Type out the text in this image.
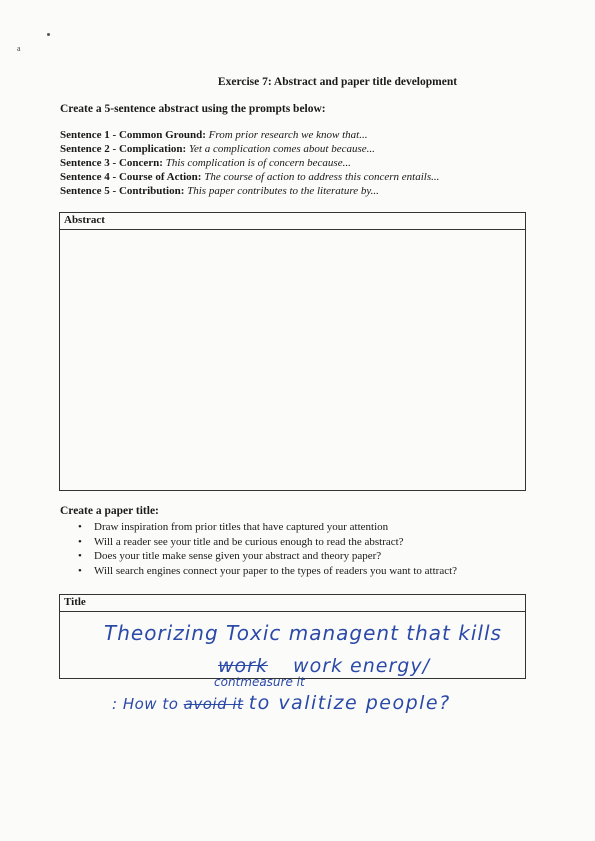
a
Exercise 7: Abstract and paper title development
Create a 5-sentence abstract using the prompts below:
Sentence 1 - Common Ground: From prior research we know that...
Sentence 2 - Complication: Yet a complication comes about because...
Sentence 3 - Concern: This complication is of concern because...
Sentence 4 - Course of Action: The course of action to address this concern entails...
Sentence 5 - Contribution: This paper contributes to the literature by...
Abstract
Create a paper title:
• Draw inspiration from prior titles that have captured your attention
• Will a reader see your title and be curious enough to read the abstract?
• Does your title make sense given your abstract and theory paper?
• Will search engines connect your paper to the types of readers you want to attract?
Title
Theorizing Toxic managent that kills
work work energy/
contmeasure it
: How to avoid it to valitize people?
